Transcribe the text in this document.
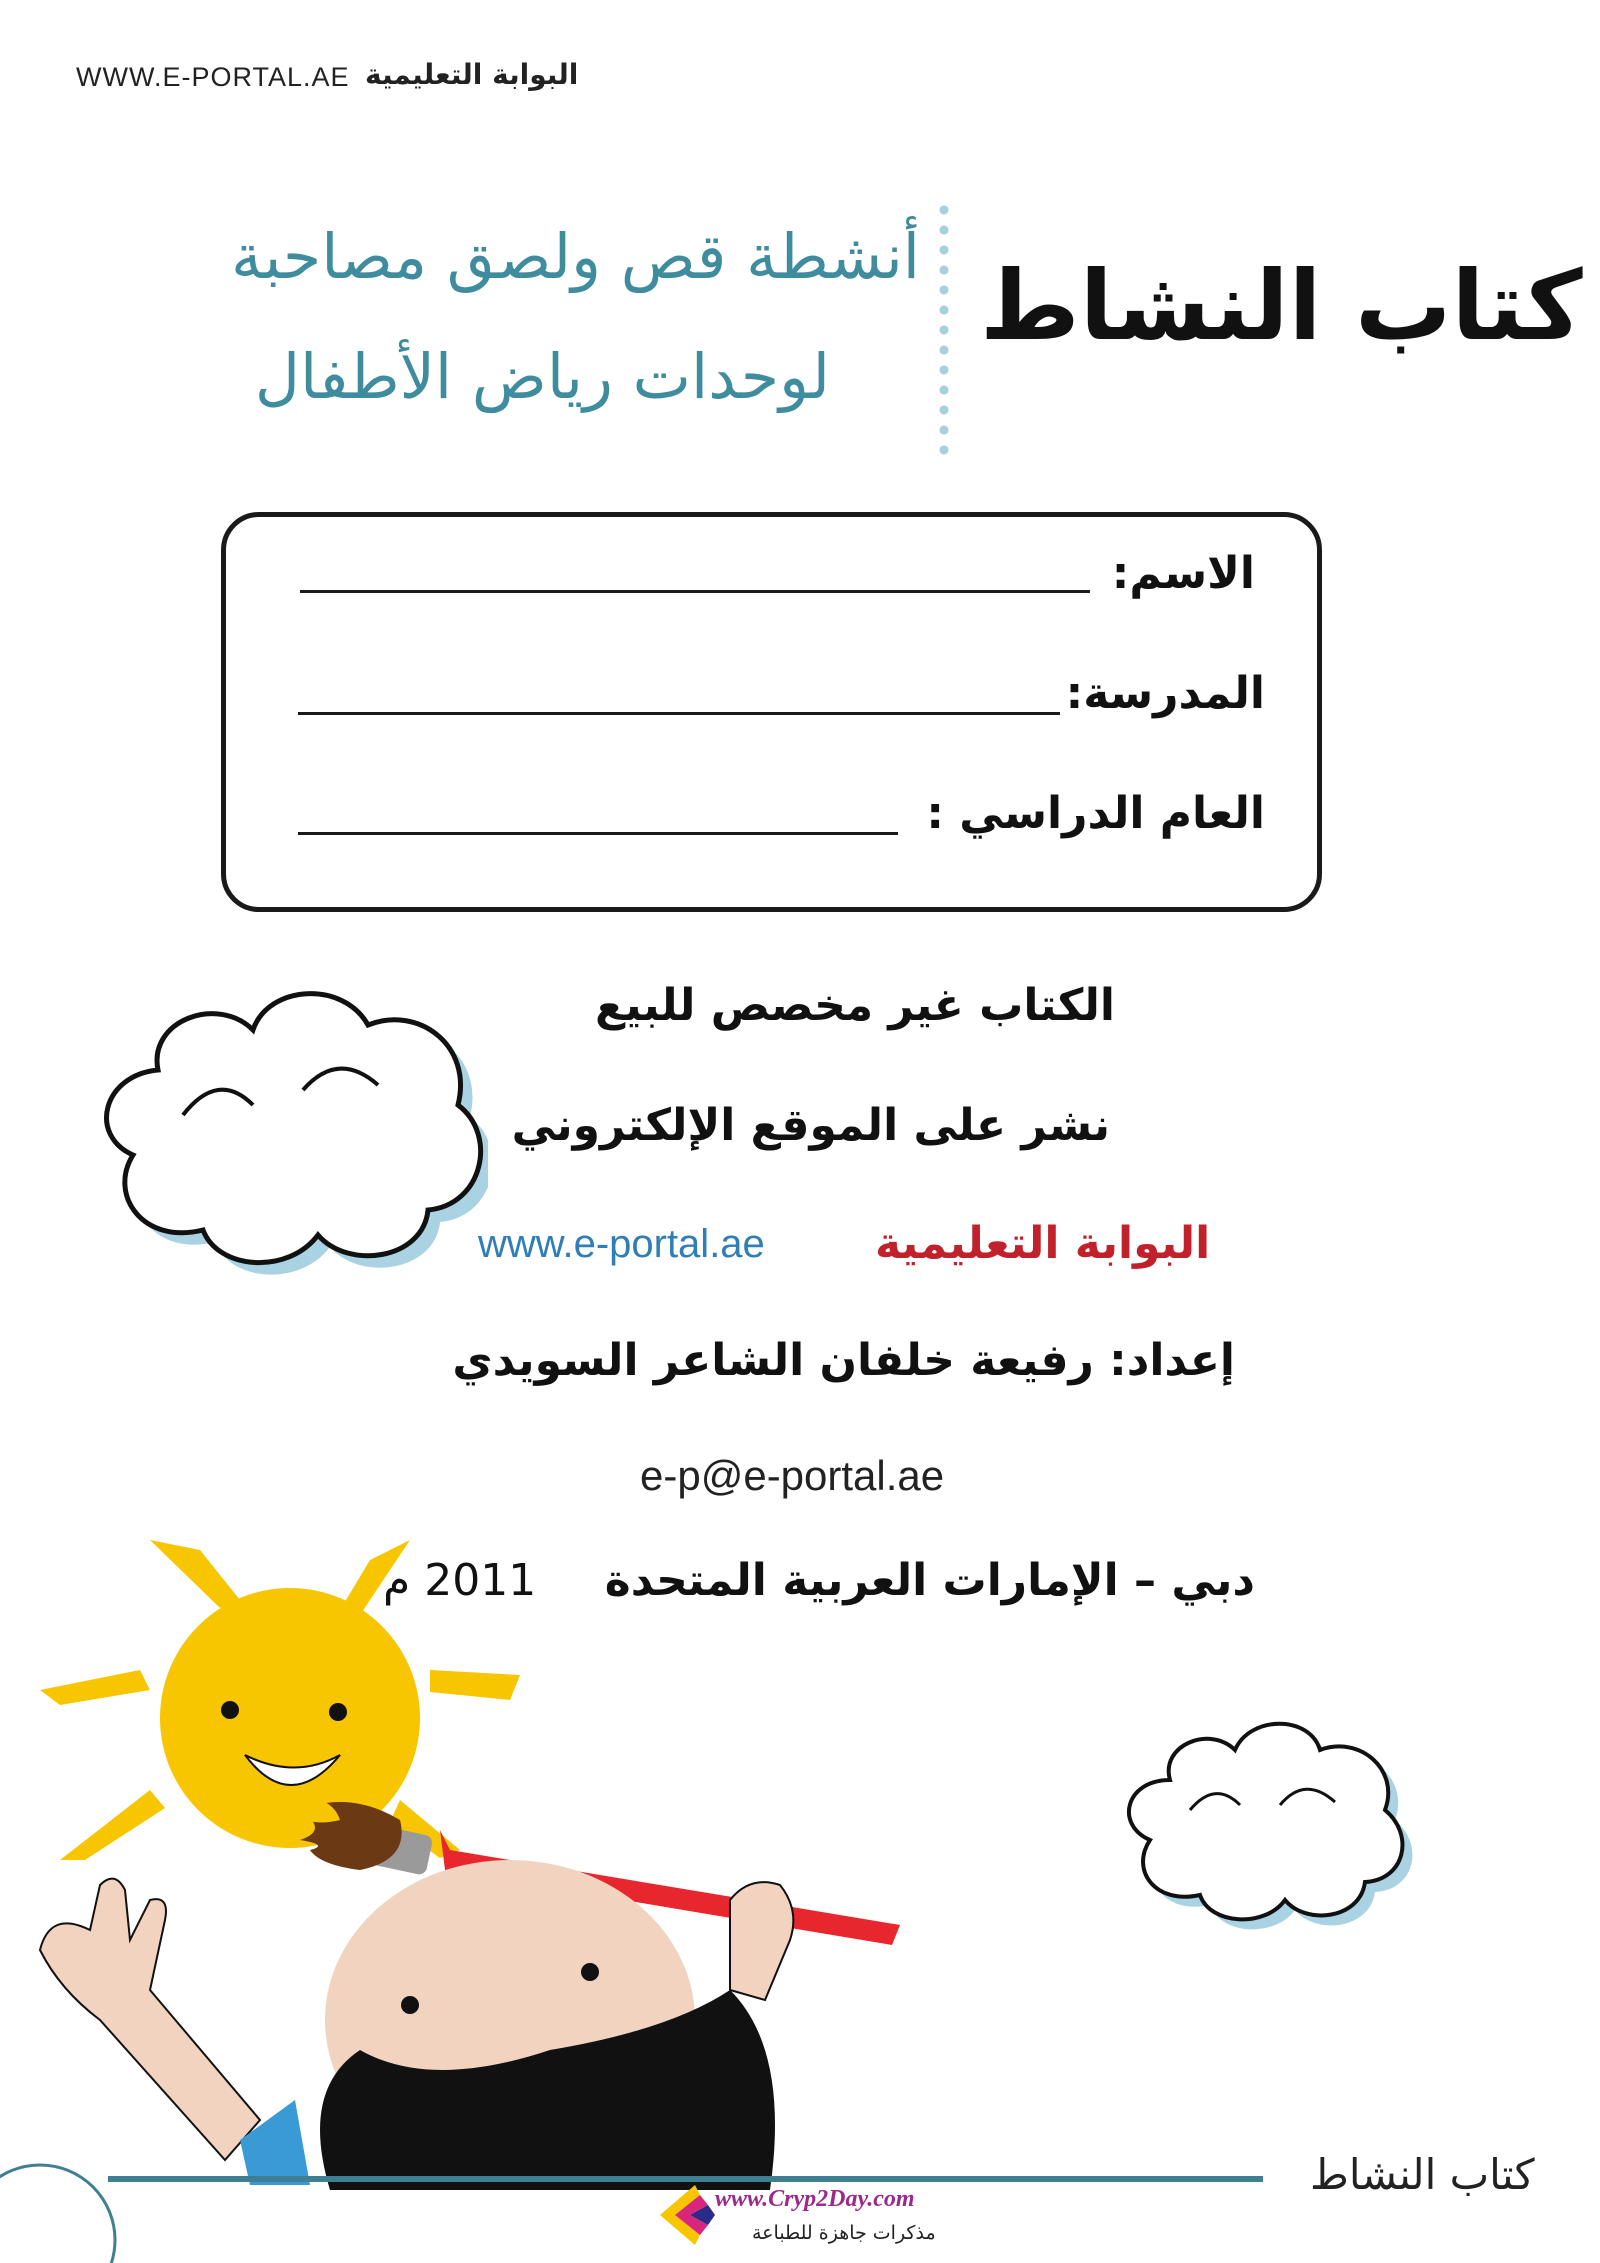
WWW.E-PORTAL.AE البوابة التعليمية
أنشطة قص ولصق مصاحبة
لوحدات رياض الأطفال
كتاب النشاط
الاسم:
المدرسة:
العام الدراسي :
الكتاب غير مخصص للبيع
نشر على الموقع الإلكتروني
البوابة التعليمية
www.e-portal.ae
إعداد: رفيعة خلفان الشاعر السويدي
e-p@e-portal.ae
دبي – الإمارات العربية المتحدة
2011 م
كتاب النشاط
www.Cryp2Day.com
مذكرات جاهزة للطباعة
